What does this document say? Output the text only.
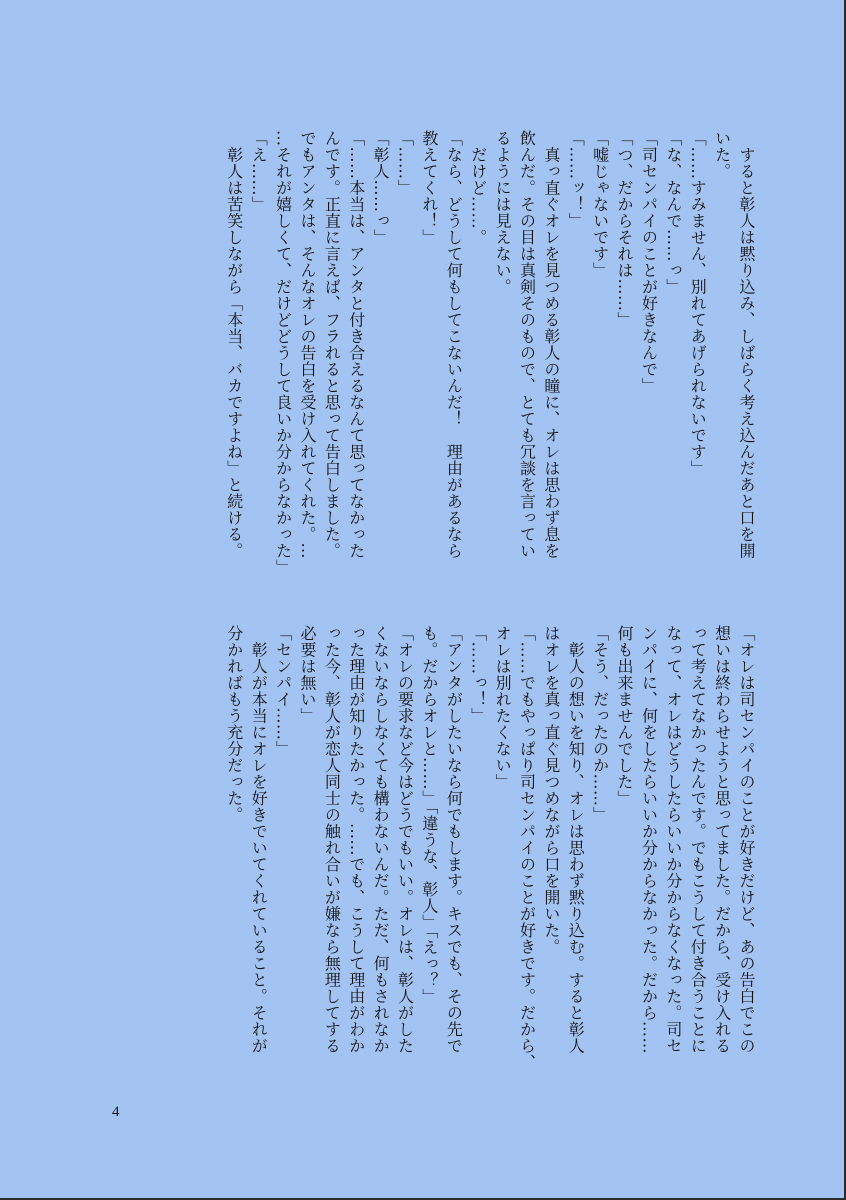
　すると彰人は黙り込み、しばらく考え込んだあと口を開
いた。
「……すみません、別れてあげられないです」
「な、なんで……っ」
「司センパイのことが好きなんで」
「つ、だからそれは……」
「嘘じゃないです」
「……ッ！」
　真っ直ぐオレを見つめる彰人の瞳に、オレは思わず息を
飲んだ。その目は真剣そのもので、とても冗談を言ってい
るようには見えない。
　だけど……。
「なら、どうして何もしてこないんだ！　理由があるなら
教えてくれ！」
「……」
「彰人……っ」
「……本当は、アンタと付き合えるなんて思ってなかった
んです。正直に言えば、フラれると思って告白しました。
でもアンタは、そんなオレの告白を受け入れてくれた。…
…それが嬉しくて、だけどどうして良いか分からなかった」
「え……」
　彰人は苦笑しながら「本当、バカですよね」と続ける。
「オレは司センパイのことが好きだけど、あの告白でこの
想いは終わらせようと思ってました。だから、受け入れる
って考えてなかったんです。でもこうして付き合うことに
なって、オレはどうしたらいいか分からなくなった。司セ
ンパイに、何をしたらいいか分からなかった。だから……
何も出来ませんでした」
「そう、だったのか……」
　彰人の想いを知り、オレは思わず黙り込む。すると彰人
はオレを真っ直ぐ見つめながら口を開いた。
「……でもやっぱり司センパイのことが好きです。だから、
オレは別れたくない」
「……っ！」
「アンタがしたいなら何でもします。キスでも、その先で
も。だからオレと……」「違うな、彰人」「えっ？」
「オレの要求など今はどうでもいい。オレは、彰人がした
くないならしなくても構わないんだ。ただ、何もされなか
った理由が知りたかった。……でも、こうして理由がわか
った今、彰人が恋人同士の触れ合いが嫌なら無理してする
必要は無い」
「センパイ……」
　彰人が本当にオレを好きでいてくれていること。それが
分かればもう充分だった。
4
